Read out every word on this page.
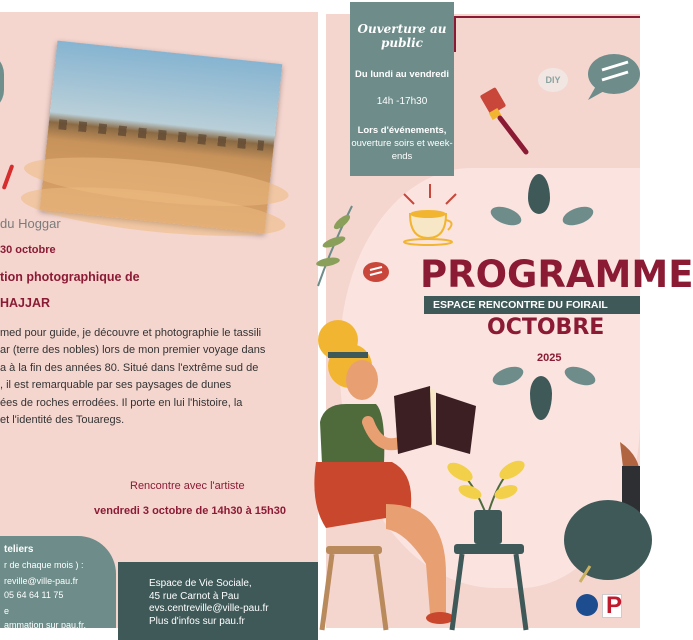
du Hoggar
30 octobre
tion photographique de
HAJJAR
med pour guide, je découvre et photographie le tassili
ar (terre des nobles) lors de mon premier voyage dans
a à la fin des années 80. Situé dans l'extrême sud de
, il est remarquable par ses paysages de dunes
ées de roches errodées. Il porte en lui l'histoire, la
et l'identité des Touaregs.
Rencontre avec l'artiste
vendredi 3 octobre de 14h30 à 15h30
teliers
r de chaque mois ) :
reville@ville-pau.fr
05 64 64 11 75
e
ammation sur pau.fr.
Espace de Vie Sociale,
45 rue Carnot à Pau
evs.centreville@ville-pau.fr
Plus d'infos sur pau.fr
Ouverture au public
Du lundi au vendredi
14h -17h30
Lors d'événements,
ouverture soirs et week-ends
DIY
PROGRAMME
ESPACE RENCONTRE DU FOIRAIL
OCTOBRE
2025
P
